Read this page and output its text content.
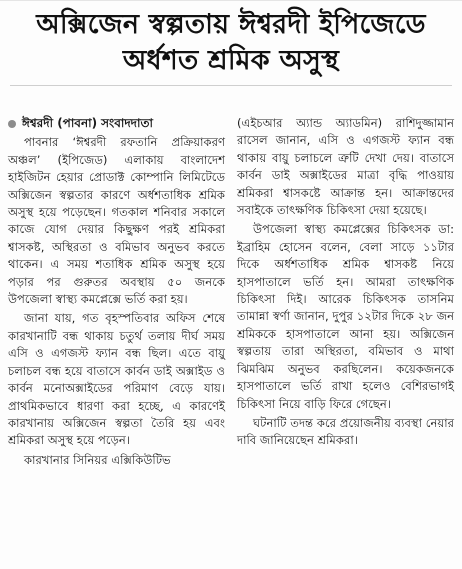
অক্সিজেন স্বল্পতায় ঈশ্বরদী ইপিজেডে
অর্ধশত শ্রমিক অসুস্থ
ঈশ্বরদী (পাবনা) সংবাদদাতা

পাবনার ‘ঈশ্বরদী রফতানি প্রক্রিয়াকরণ অঞ্চল’ (ইপিজেড) এলাকায় বাংলাদেশ হাইজিটন হেয়ার প্রোডাক্ট কোম্পানি লিমিটেডে অক্সিজেন স্বল্পতার কারণে অর্ধশতাধিক শ্রমিক অসুস্থ হয়ে পড়েছেন। গতকাল শনিবার সকালে কাজে যোগ দেয়ার কিছুক্ষণ পরই শ্রমিকরা শ্বাসকষ্ট, অস্থিরতা ও বমিভাব অনুভব করতে থাকেন। এ সময় শতাধিক শ্রমিক অসুস্থ হয়ে পড়ার পর গুরুতর অবস্থায় ৫০ জনকে উপজেলা স্বাস্থ্য কমপ্লেক্সে ভর্তি করা হয়।

জানা যায়, গত বৃহস্পতিবার অফিস শেষে কারখানাটি বন্ধ থাকায় চতুর্থ তলায় দীর্ঘ সময় এসি ও এগজস্ট ফ্যান বন্ধ ছিল। এতে বায়ু চলাচল বন্ধ হয়ে বাতাসে কার্বন ডাই অক্সাইড ও কার্বন মনোঅক্সাইডের পরিমাণ বেড়ে যায়। প্রাথমিকভাবে ধারণা করা হচ্ছে, এ কারণেই কারখানায় অক্সিজেন স্বল্পতা তৈরি হয় এবং শ্রমিকরা অসুস্থ হয়ে পড়েন।

কারখানার সিনিয়র এক্সিকিউটিভ

(এইচআর অ্যান্ড অ্যাডমিন) রাশিদুজ্জামান রাসেল জানান, এসি ও এগজস্ট ফ্যান বন্ধ থাকায় বায়ু চলাচলে ত্রুটি দেখা দেয়। বাতাসে কার্বন ডাই অক্সাইডের মাত্রা বৃদ্ধি পাওয়ায় শ্রমিকরা শ্বাসকষ্টে আক্রান্ত হন। আক্রান্তদের সবাইকে তাৎক্ষণিক চিকিৎসা দেয়া হয়েছে।

উপজেলা স্বাস্থ্য কমপ্লেক্সের চিকিৎসক ডা: ইব্রাহিম হোসেন বলেন, বেলা সাড়ে ১১টার দিকে অর্ধশতাধিক শ্রমিক শ্বাসকষ্ট নিয়ে হাসপাতালে ভর্তি হন। আমরা তাৎক্ষণিক চিকিৎসা দিই। আরেক চিকিৎসক তাসনিম তামান্না স্বর্ণা জানান, দুপুর ১২টার দিকে ২৮ জন শ্রমিককে হাসপাতালে আনা হয়। অক্সিজেন স্বল্পতায় তারা অস্থিরতা, বমিভাব ও মাথা ঝিমঝিম অনুভব করছিলেন। কয়েকজনকে হাসপাতালে ভর্তি রাখা হলেও বেশিরভাগই চিকিৎসা নিয়ে বাড়ি ফিরে গেছেন।

ঘটনাটি তদন্ত করে প্রয়োজনীয় ব্যবস্থা নেয়ার দাবি জানিয়েছেন শ্রমিকরা।
